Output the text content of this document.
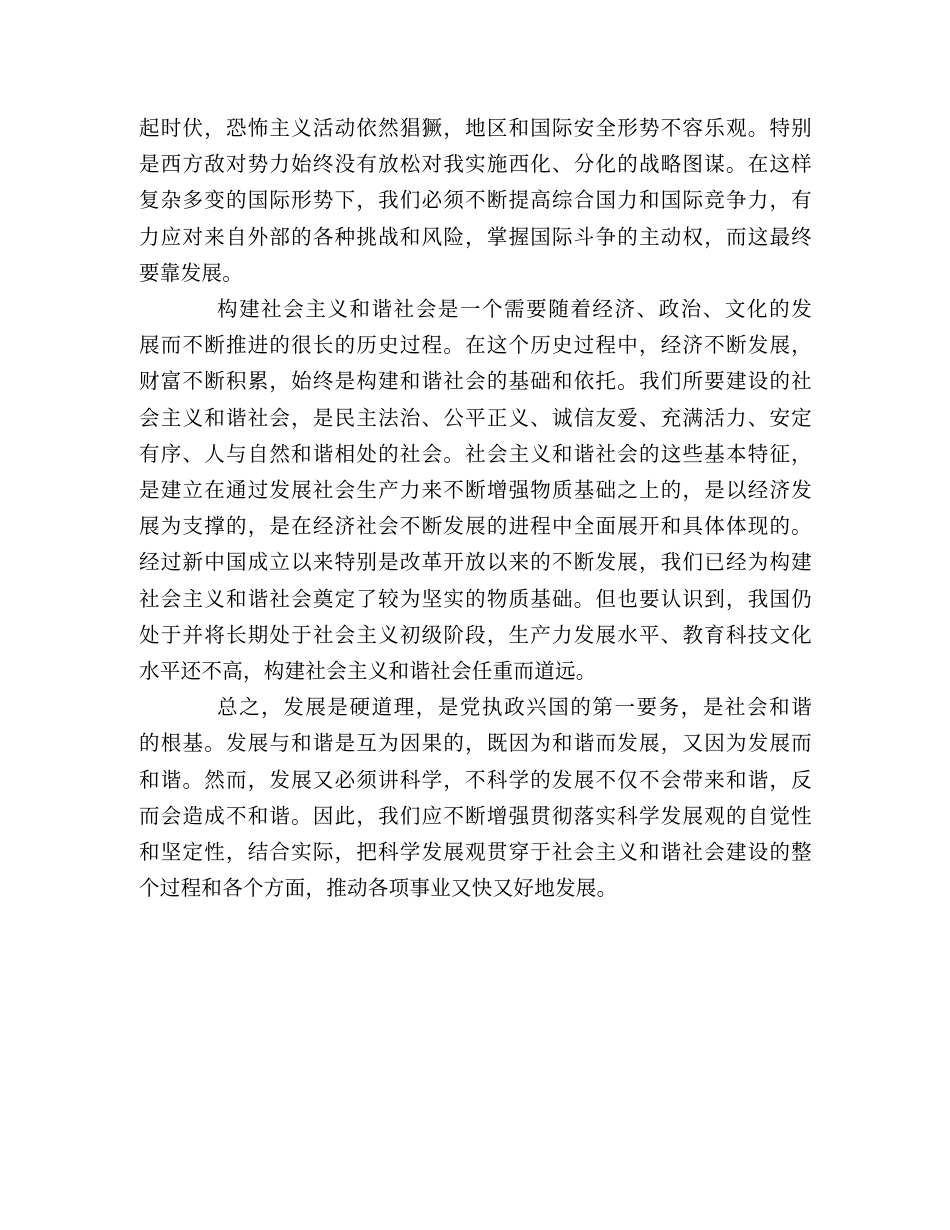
起时伏，恐怖主义活动依然猖獗，地区和国际安全形势不容乐观。特别
是西方敌对势力始终没有放松对我实施西化、分化的战略图谋。在这样
复杂多变的国际形势下，我们必须不断提高综合国力和国际竞争力，有
力应对来自外部的各种挑战和风险，掌握国际斗争的主动权，而这最终
要靠发展。

构建社会主义和谐社会是一个需要随着经济、政治、文化的发
展而不断推进的很长的历史过程。在这个历史过程中，经济不断发展，
财富不断积累，始终是构建和谐社会的基础和依托。我们所要建设的社
会主义和谐社会，是民主法治、公平正义、诚信友爱、充满活力、安定
有序、人与自然和谐相处的社会。社会主义和谐社会的这些基本特征，
是建立在通过发展社会生产力来不断增强物质基础之上的，是以经济发
展为支撑的，是在经济社会不断发展的进程中全面展开和具体体现的。
经过新中国成立以来特别是改革开放以来的不断发展，我们已经为构建
社会主义和谐社会奠定了较为坚实的物质基础。但也要认识到，我国仍
处于并将长期处于社会主义初级阶段，生产力发展水平、教育科技文化
水平还不高，构建社会主义和谐社会任重而道远。

总之，发展是硬道理，是党执政兴国的第一要务，是社会和谐
的根基。发展与和谐是互为因果的，既因为和谐而发展，又因为发展而
和谐。然而，发展又必须讲科学，不科学的发展不仅不会带来和谐，反
而会造成不和谐。因此，我们应不断增强贯彻落实科学发展观的自觉性
和坚定性，结合实际，把科学发展观贯穿于社会主义和谐社会建设的整
个过程和各个方面，推动各项事业又快又好地发展。
